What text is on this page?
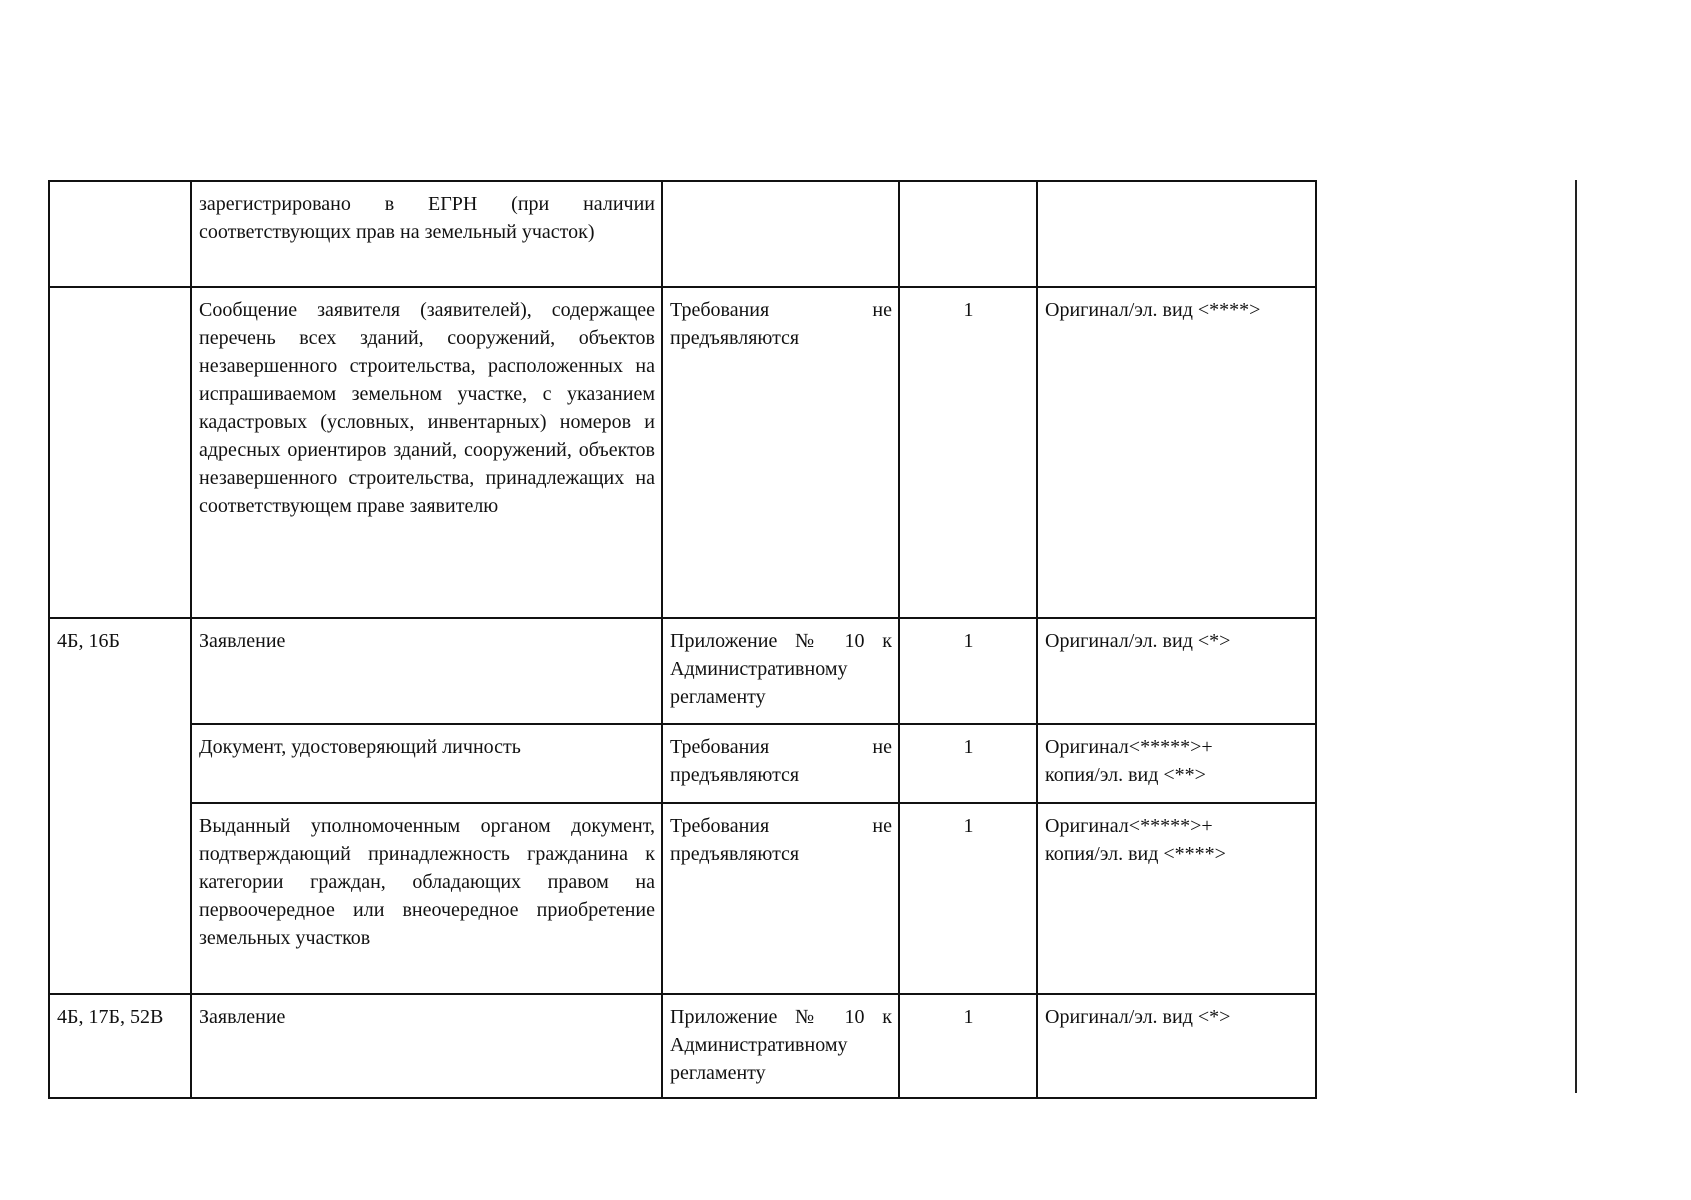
	зарегистрировано в ЕГРН (при наличии соответствующих прав на земельный участок)			
	Сообщение заявителя (заявителей), содержащее перечень всех зданий, сооружений, объектов незавершенного строительства, расположенных на испрашиваемом земельном участке, с указанием кадастровых (условных, инвентарных) номеров и адресных ориентиров зданий, сооружений, объектов незавершенного строительства, принадлежащих на соответствующем праве заявителю	Требования не предъявляются	1	Оригинал/эл. вид <****>
4Б, 16Б	Заявление	Приложение № 10 к Административному регламенту	1	Оригинал/эл. вид <*>
	Документ, удостоверяющий личность	Требования не предъявляются	1	Оригинал<*****>+
копия/эл. вид <**>

	Выданный уполномоченным органом документ, подтверждающий принадлежность гражданина к категории граждан, обладающих правом на первоочередное или внеочередное приобретение земельных участков	Требования не предъявляются	1	Оригинал<*****>+
копия/эл. вид <****>

4Б, 17Б, 52В	Заявление	Приложение № 10 к Административному регламенту	1	Оригинал/эл. вид <*>
